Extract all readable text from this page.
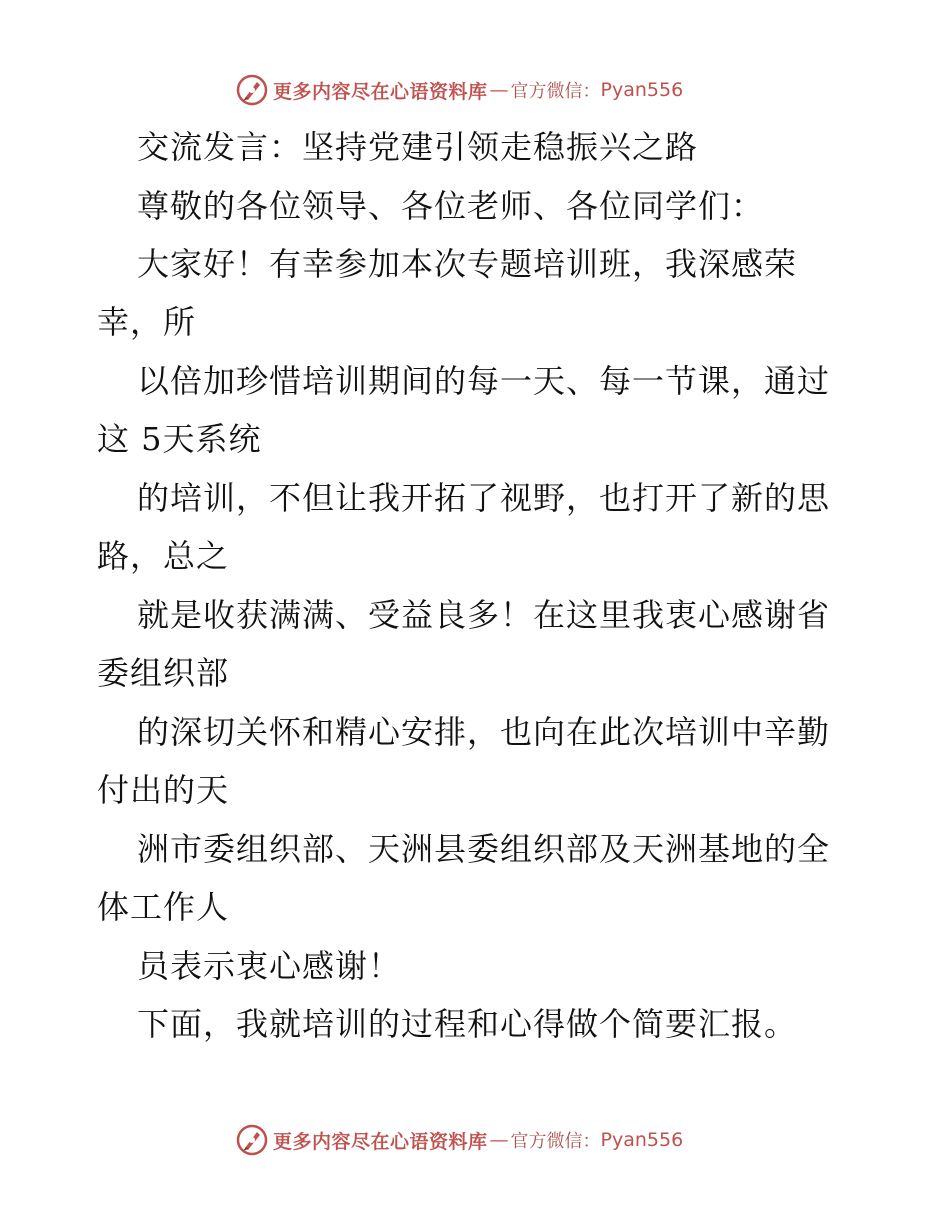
更多内容尽在心语资料库 — 官方微信： Pyan556
交流发言：坚持党建引领走稳振兴之路
尊敬的各位领导、各位老师、各位同学们：
大家好！有幸参加本次专题培训班，我深感荣
幸，所
以倍加珍惜培训期间的每一天、每一节课，通过
这 5天系统
的培训，不但让我开拓了视野，也打开了新的思
路，总之
就是收获满满、受益良多！在这里我衷心感谢省
委组织部
的深切关怀和精心安排，也向在此次培训中辛勤
付出的天
洲市委组织部、天洲县委组织部及天洲基地的全
体工作人
员表示衷心感谢！
下面，我就培训的过程和心得做个简要汇报。
更多内容尽在心语资料库 — 官方微信： Pyan556
